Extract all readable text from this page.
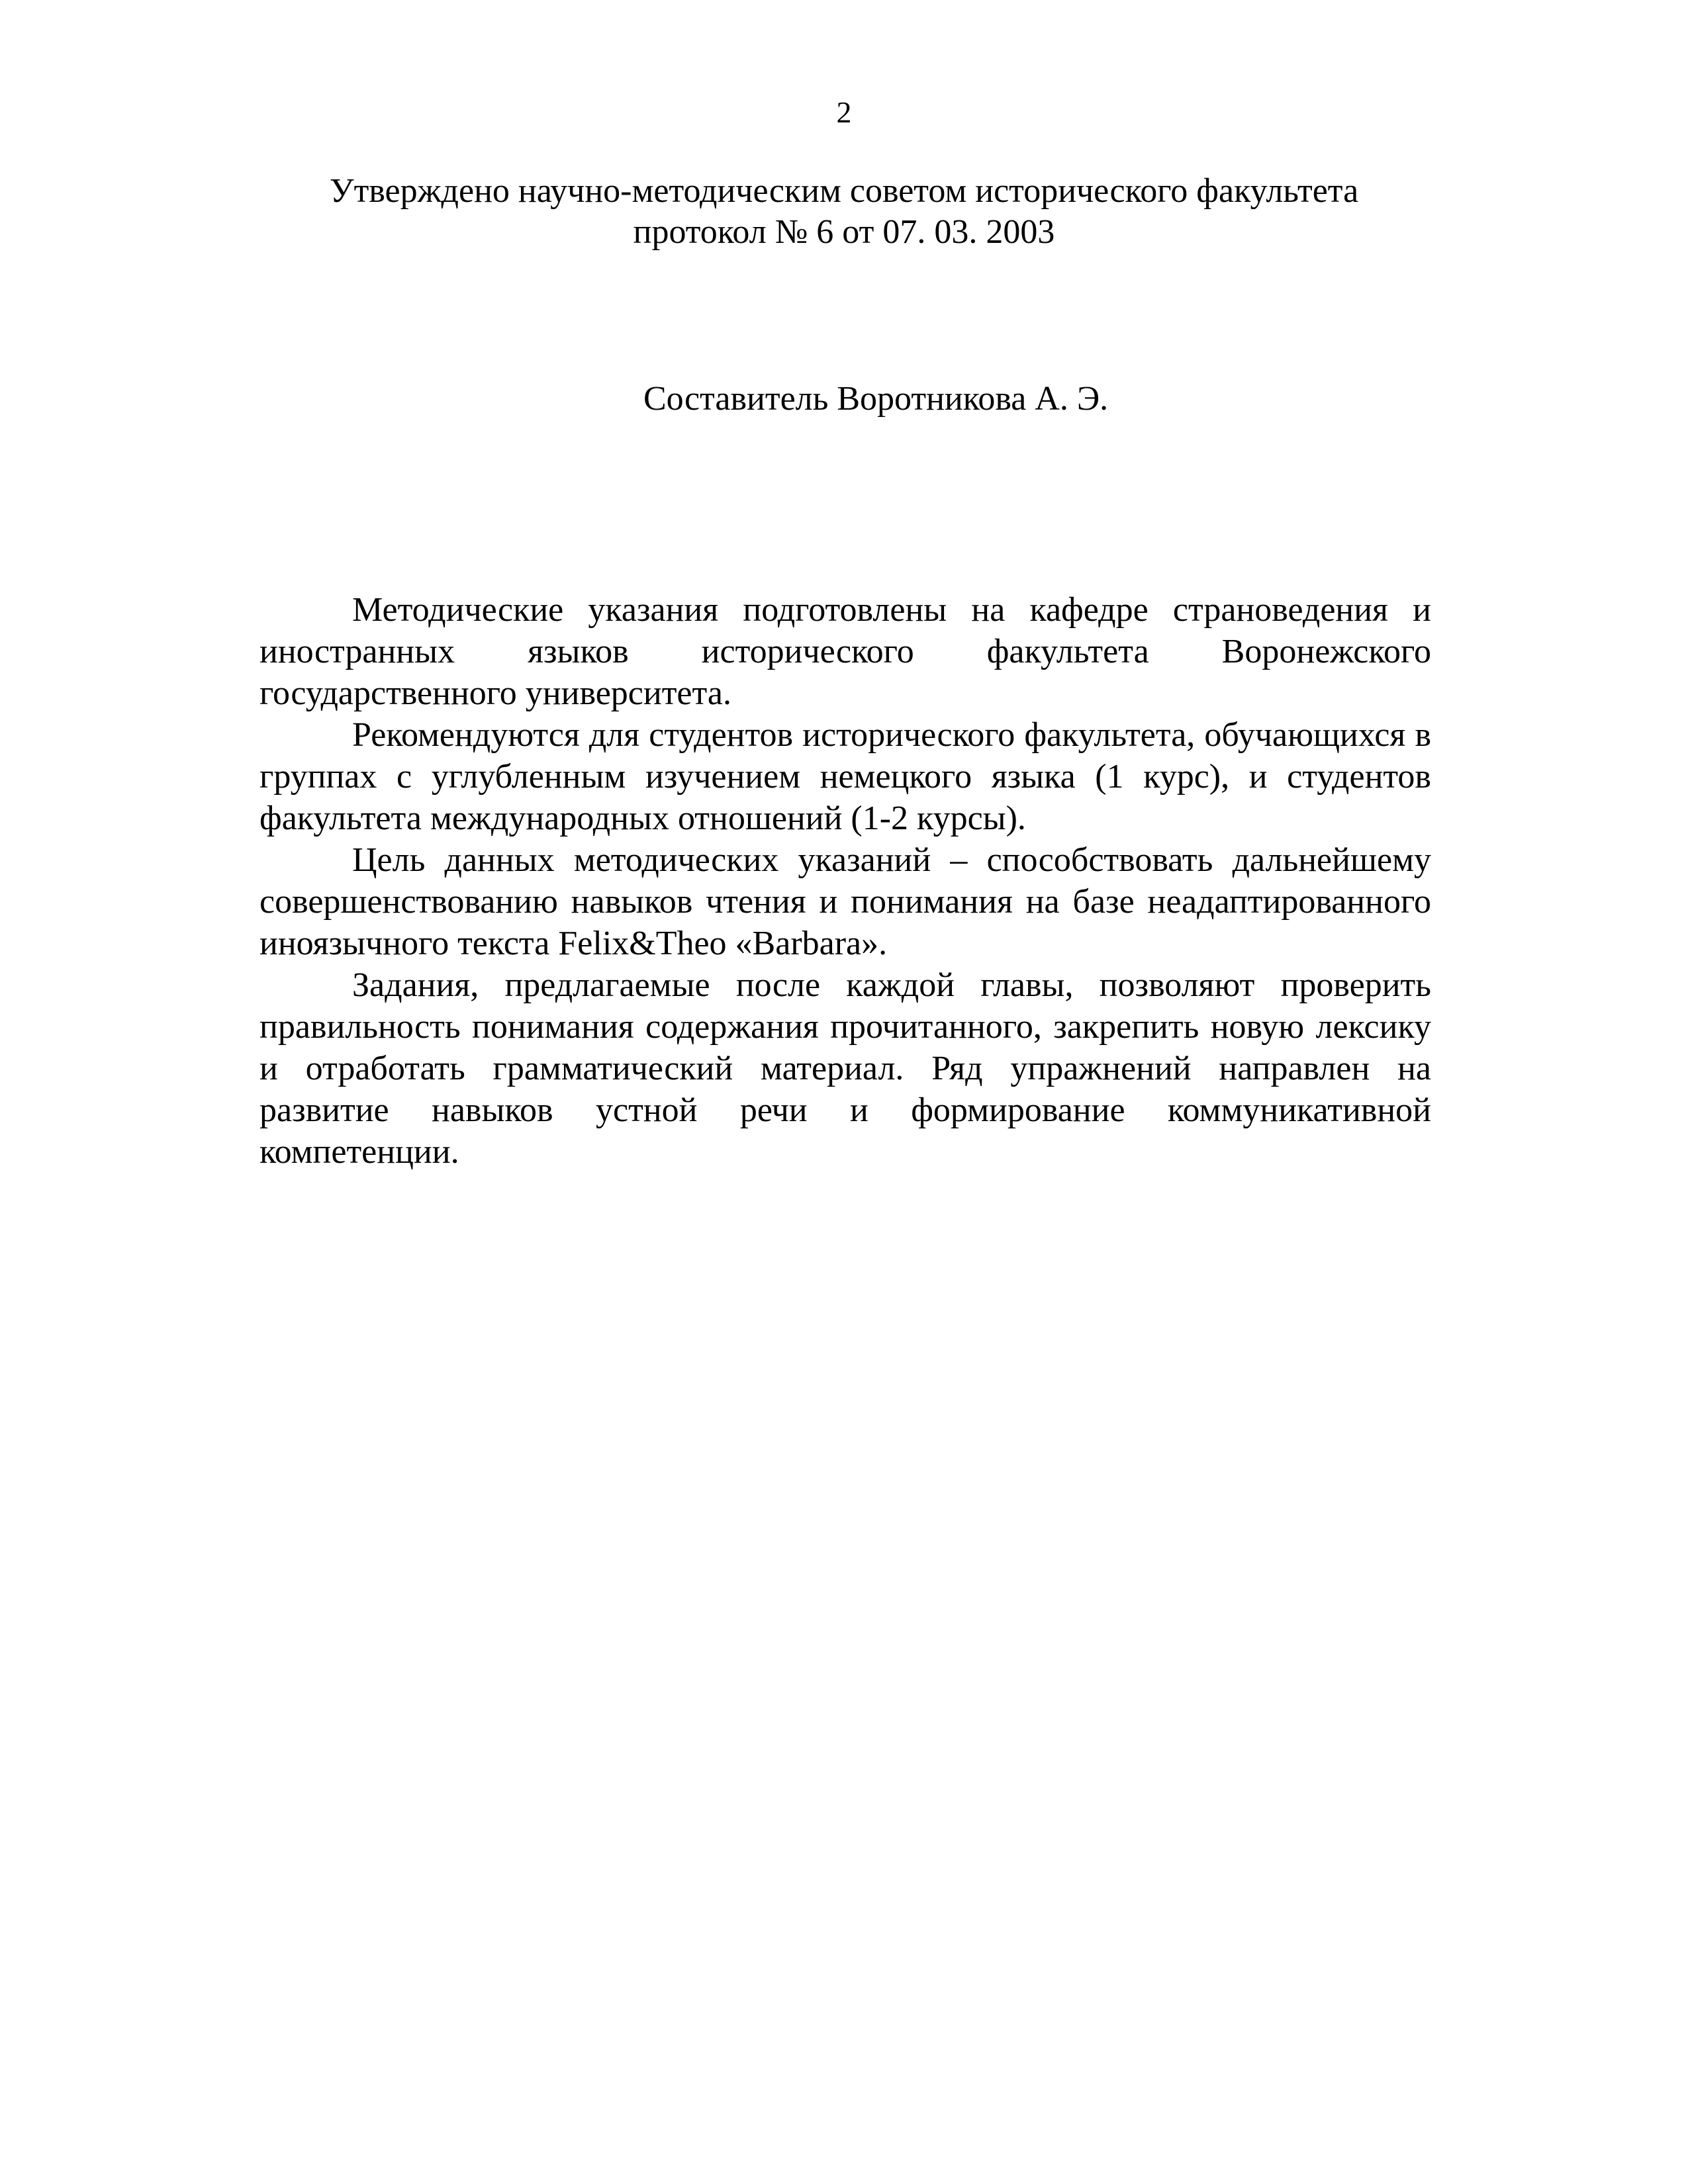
2
Утверждено научно-методическим советом исторического факультета
протокол № 6 от 07. 03. 2003
Составитель Воротникова А. Э.

Методические указания подготовлены на кафедре страноведения и иностранных языков исторического факультета Воронежского государственного университета.

Рекомендуются для студентов исторического факультета, обучающихся в группах с углубленным изучением немецкого языка (1 курс), и студентов факультета международных отношений (1-2 курсы).

Цель данных методических указаний – способствовать дальнейшему совершенствованию навыков чтения и понимания на базе неадаптированного иноязычного текста Felix&Theo «Barbara».

Задания, предлагаемые после каждой главы, позволяют проверить правильность понимания содержания прочитанного, закрепить новую лексику и отработать грамматический материал. Ряд упражнений направлен на развитие навыков устной речи и формирование коммуникативной компетенции.
